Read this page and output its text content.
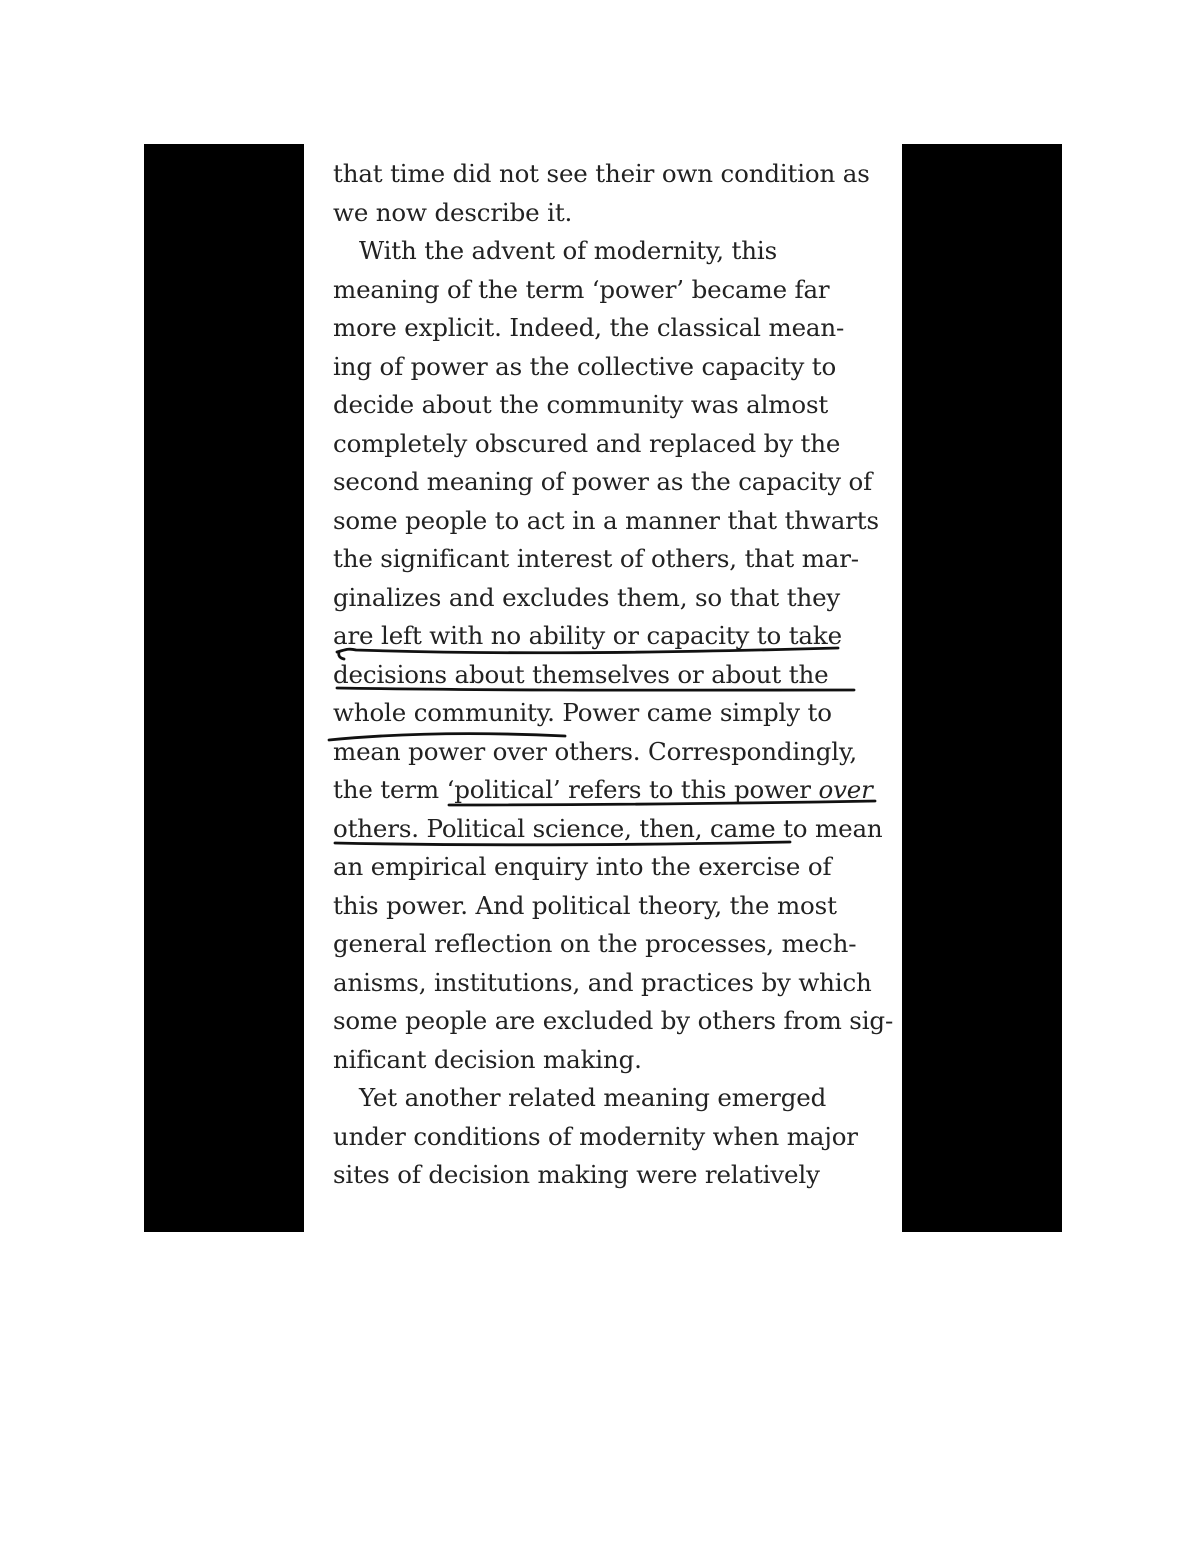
that time did not see their own condition as
we now describe it.
With the advent of modernity, this
meaning of the term ‘power’ became far
more explicit. Indeed, the classical mean-
ing of power as the collective capacity to
decide about the community was almost
completely obscured and replaced by the
second meaning of power as the capacity of
some people to act in a manner that thwarts
the significant interest of others, that mar-
ginalizes and excludes them, so that they
are left with no ability or capacity to take
decisions about themselves or about the
whole community. Power came simply to
mean power over others. Correspondingly,
the term ‘political’ refers to this power over
others. Political science, then, came to mean
an empirical enquiry into the exercise of
this power. And political theory, the most
general reflection on the processes, mech-
anisms, institutions, and practices by which
some people are excluded by others from sig-
nificant decision making.
Yet another related meaning emerged
under conditions of modernity when major
sites of decision making were relatively
